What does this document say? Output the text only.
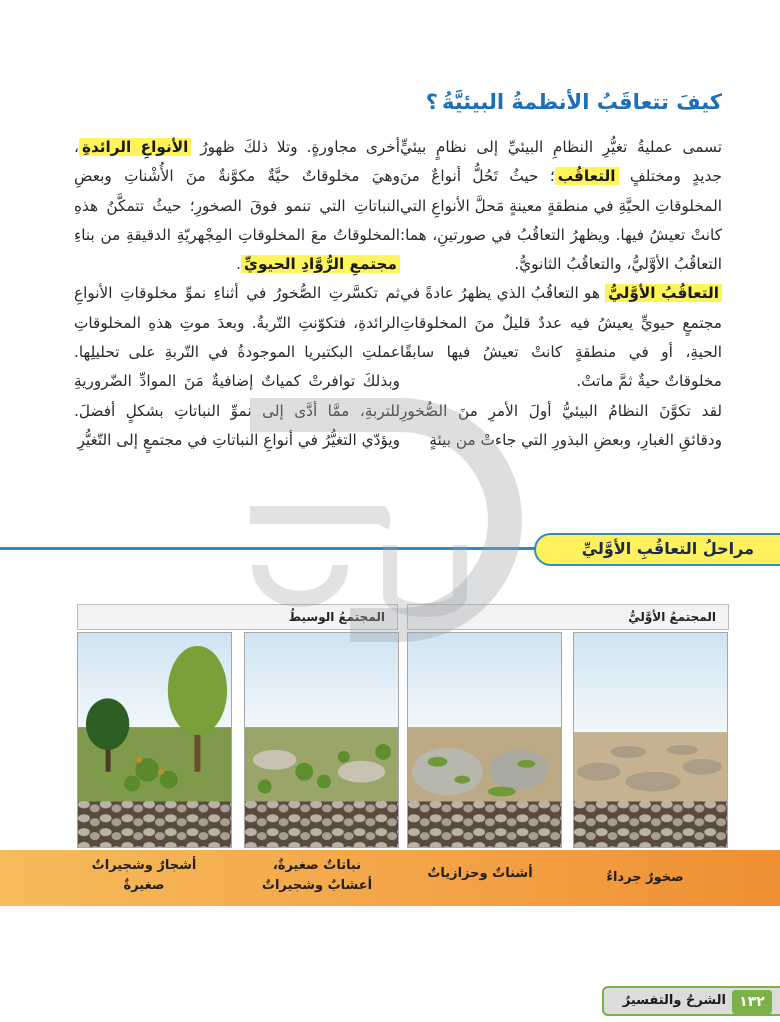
كيفَ تتعاقَبُ الأنظمةُ البيئيَّةُ؟

تسمى عمليةُ تغيُّرِ النظامِ البيئيِّ إلى نظامٍ بيئيٍّ جديدٍ ومختلفٍ التعاقُب؛ حيثُ تَحُلُّ أنواعٌ منَ المخلوقاتِ الحيَّةِ في منطقةٍ معينةٍ مَحلَّ الأنواعِ التي كانتْ تعيشُ فيها. ويظهرُ التعاقُبُ في صورتينِ، هما: التعاقُبُ الأوَّليُّ، والتعاقُبُ الثانويُّ.

التعاقُبُ الأوَّليُّ هو التعاقُبُ الذي يظهرُ عادةً في مجتمعٍ حيويٍّ يعيشُ فيه عددٌ قليلٌ منَ المخلوقاتِ الحيةِ، أو في منطقةٍ كانتْ تعيشُ فيها سابقًا مخلوقاتٌ حيةٌ ثمَّ ماتتْ.

لقد تكوَّنَ النظامُ البيئيُّ أولَ الأمرِ منَ الصُّخورِ ودقائقِ الغبارِ، وبعضِ البذورِ التي جاءتْ من بيئةٍ

أخرى مجاورةٍ. وتلا ذلكَ ظهورُ الأنواعِ الرائدةِ، وهيَ مخلوقاتٌ حيَّةٌ مكوَّنةٌ منَ الأُشْناتِ وبعضِ النباتاتِ التي تنمو فوقَ الصخورِ؛ حيثُ تتمكَّنُ هذهِ المخلوقاتُ معَ المخلوقاتِ المِجْهريّةِ الدقيقةِ من بناءِ مجتمعِ الرُّوَّادِ الحيويِّ.

ثم تكسَّرتِ الصُّخورُ في أثناءِ نموِّ مخلوقاتِ الأنواعِ الرائدةِ، فتكوّنتِ التّربةُ. وبعدَ موتِ هذهِ المخلوقاتِ عملتِ البكتيريا الموجودةُ في التّربةِ على تحليلِها. وبذلكَ توافرتْ كمياتٌ إضافيةٌ مَنَ الموادِّ الضّروريةِ للتربةِ، ممَّا أدَّى إلى نموِّ النباتاتِ بشكلٍ أفضلَ. ويؤدّي التغيُّرُ في أنواعِ النباتاتِ في مجتمعٍ إلى التّغيُّرِ

مراحلُ التعاقُبِ الأوَّليِّ
المجتمعُ الأوَّليُّ
المجتمعُ الوسيطُ
صخورٌ جرداءُ
أشناتٌ وحزازياتٌ
نباتاتٌ صغيرةٌ،
أعشابٌ وشجيراتٌ
أشجارٌ وشجيراتٌ
صغيرةٌ
الشرحُ والتفسيرُ ١٣٢
